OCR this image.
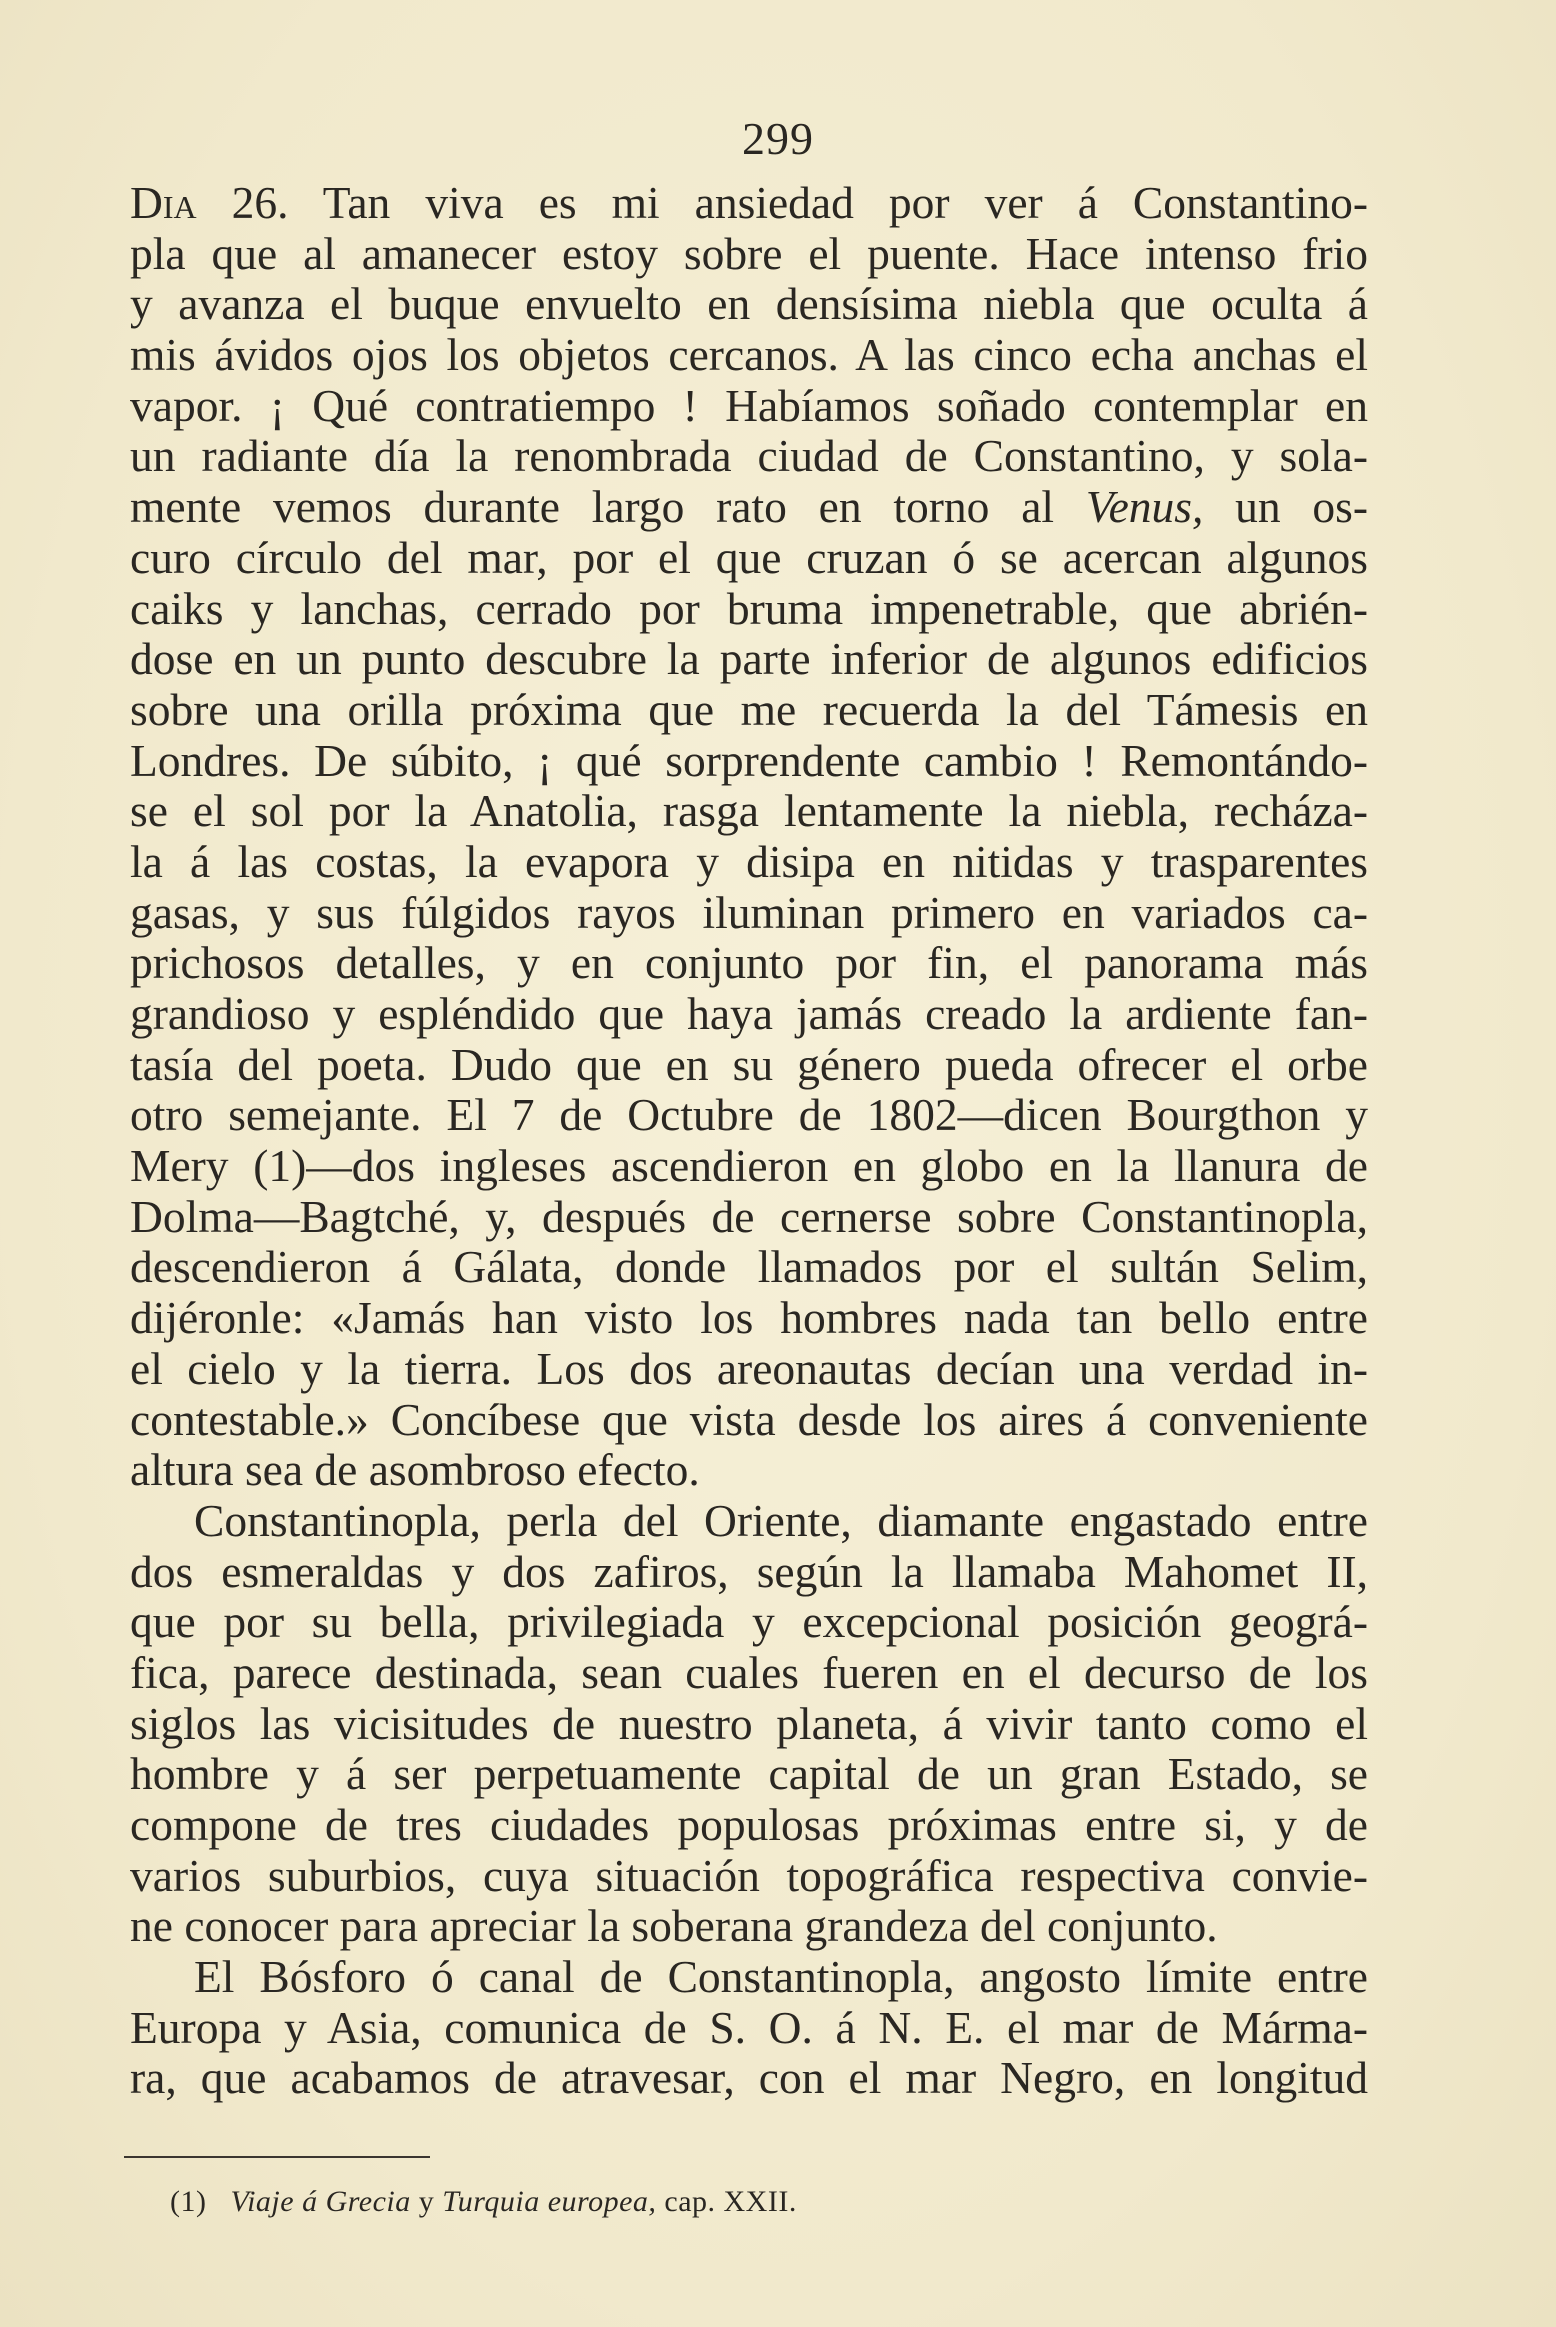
299
Dia 26. Tan viva es mi ansiedad por ver á Constantino-
pla que al amanecer estoy sobre el puente. Hace intenso frio
y avanza el buque envuelto en densísima niebla que oculta á
mis ávidos ojos los objetos cercanos. A las cinco echa anchas el
vapor. ¡ Qué contratiempo ! Habíamos soñado contemplar en
un radiante día la renombrada ciudad de Constantino, y sola-
mente vemos durante largo rato en torno al Venus, un os-
curo círculo del mar, por el que cruzan ó se acercan algunos
caiks y lanchas, cerrado por bruma impenetrable, que abrién-
dose en un punto descubre la parte inferior de algunos edificios
sobre una orilla próxima que me recuerda la del Támesis en
Londres. De súbito, ¡ qué sorprendente cambio ! Remontándo-
se el sol por la Anatolia, rasga lentamente la niebla, recháza-
la á las costas, la evapora y disipa en nitidas y trasparentes
gasas, y sus fúlgidos rayos iluminan primero en variados ca-
prichosos detalles, y en conjunto por fin, el panorama más
grandioso y espléndido que haya jamás creado la ardiente fan-
tasía del poeta. Dudo que en su género pueda ofrecer el orbe
otro semejante. El 7 de Octubre de 1802—dicen Bourgthon y
Mery (1)—dos ingleses ascendieron en globo en la llanura de
Dolma—Bagtché, y, después de cernerse sobre Constantinopla,
descendieron á Gálata, donde llamados por el sultán Selim,
dijéronle: «Jamás han visto los hombres nada tan bello entre
el cielo y la tierra. Los dos areonautas decían una verdad in-
contestable.» Concíbese que vista desde los aires á conveniente
altura sea de asombroso efecto.
Constantinopla, perla del Oriente, diamante engastado entre
dos esmeraldas y dos zafiros, según la llamaba Mahomet II,
que por su bella, privilegiada y excepcional posición geográ-
fica, parece destinada, sean cuales fueren en el decurso de los
siglos las vicisitudes de nuestro planeta, á vivir tanto como el
hombre y á ser perpetuamente capital de un gran Estado, se
compone de tres ciudades populosas próximas entre si, y de
varios suburbios, cuya situación topográfica respectiva convie-
ne conocer para apreciar la soberana grandeza del conjunto.
El Bósforo ó canal de Constantinopla, angosto límite entre
Europa y Asia, comunica de S. O. á N. E. el mar de Márma-
ra, que acabamos de atravesar, con el mar Negro, en longitud
(1) Viaje á Grecia y Turquia europea, cap. XXII.
